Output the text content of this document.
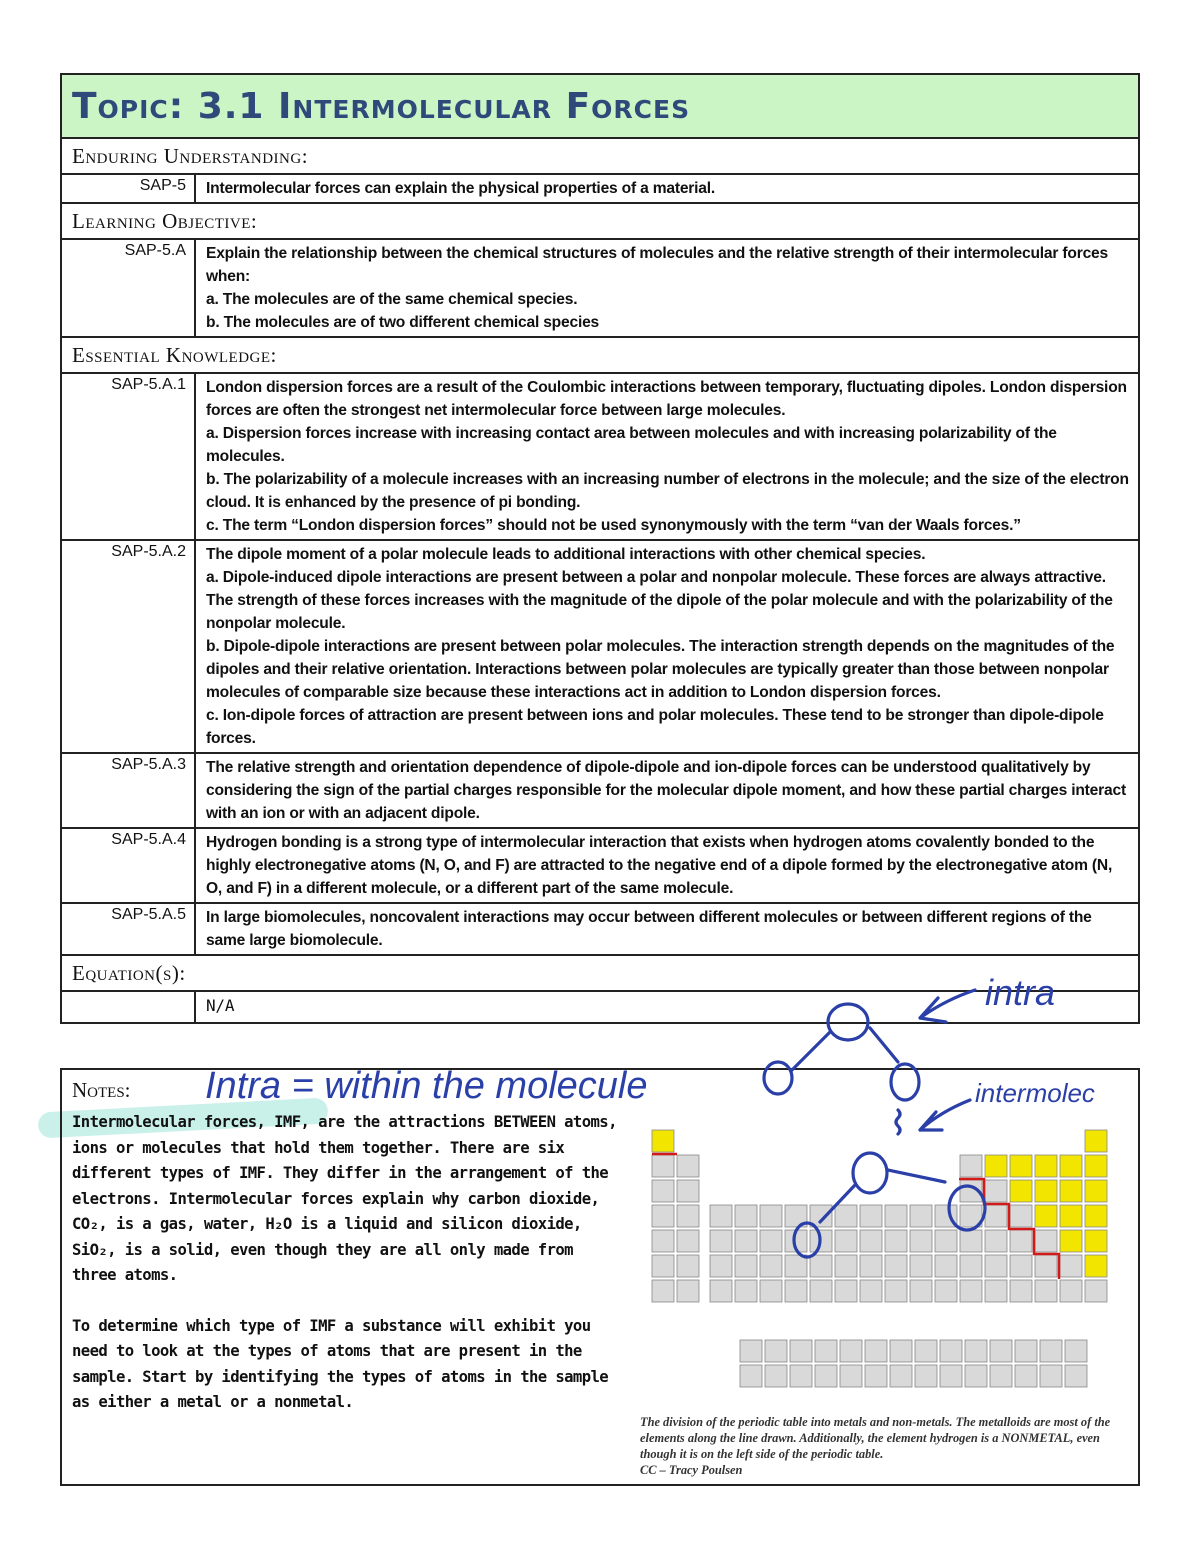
Topic: 3.1 Intermolecular Forces
Enduring Understanding:
SAP-5	Intermolecular forces can explain the physical properties of a material.

Learning Objective:
SAP-5.A	Explain the relationship between the chemical structures of molecules and the relative strength of their intermolecular forces when:

a. The molecules are of the same chemical species.

b. The molecules are of two different chemical species

Essential Knowledge:
SAP-5.A.1	London dispersion forces are a result of the Coulombic interactions between temporary, fluctuating dipoles. London dispersion forces are often the strongest net intermolecular force between large molecules.

a. Dispersion forces increase with increasing contact area between molecules and with increasing polarizability of the molecules.

b. The polarizability of a molecule increases with an increasing number of electrons in the molecule; and the size of the electron cloud. It is enhanced by the presence of pi bonding.

c. The term “London dispersion forces” should not be used synonymously with the term “van der Waals forces.”

SAP-5.A.2	The dipole moment of a polar molecule leads to additional interactions with other chemical species.

a. Dipole-induced dipole interactions are present between a polar and nonpolar molecule. These forces are always attractive. The strength of these forces increases with the magnitude of the dipole of the polar molecule and with the polarizability of the nonpolar molecule.

b. Dipole-dipole interactions are present between polar molecules. The interaction strength depends on the magnitudes of the dipoles and their relative orientation. Interactions between polar molecules are typically greater than those between nonpolar molecules of comparable size because these interactions act in addition to London dispersion forces.

c. Ion-dipole forces of attraction are present between ions and polar molecules. These tend to be stronger than dipole-dipole forces.

SAP-5.A.3	The relative strength and orientation dependence of dipole-dipole and ion-dipole forces can be understood qualitatively by considering the sign of the partial charges responsible for the molecular dipole moment, and how these partial charges interact with an ion or with an adjacent dipole.

SAP-5.A.4	Hydrogen bonding is a strong type of intermolecular interaction that exists when hydrogen atoms covalently bonded to the highly electronegative atoms (N, O, and F) are attracted to the negative end of a dipole formed by the electronegative atom (N, O, and F) in a different molecule, or a different part of the same molecule.

SAP-5.A.5	In large biomolecules, noncovalent interactions may occur between different molecules or between different regions of the same large biomolecule.

Equation(s):
N/A
Notes:

Intermolecular forces, IMF, are the attractions BETWEEN atoms, ions or molecules that hold them together. There are six different types of IMF. They differ in the arrangement of the electrons. Intermolecular forces explain why carbon dioxide, CO₂, is a gas, water, H₂O is a liquid and silicon dioxide, SiO₂, is a solid, even though they are all only made from three atoms.

To determine which type of IMF a substance will exhibit you need to look at the types of atoms that are present in the sample. Start by identifying the types of atoms in the sample as either a metal or a nonmetal.

The division of the periodic table into metals and non-metals. The metalloids are most of the elements along the line drawn. Additionally, the element hydrogen is a NONMETAL, even though it is on the left side of the periodic table.
CC – Tracy Poulsen
Intra = within the molecule
intra
intermolec
